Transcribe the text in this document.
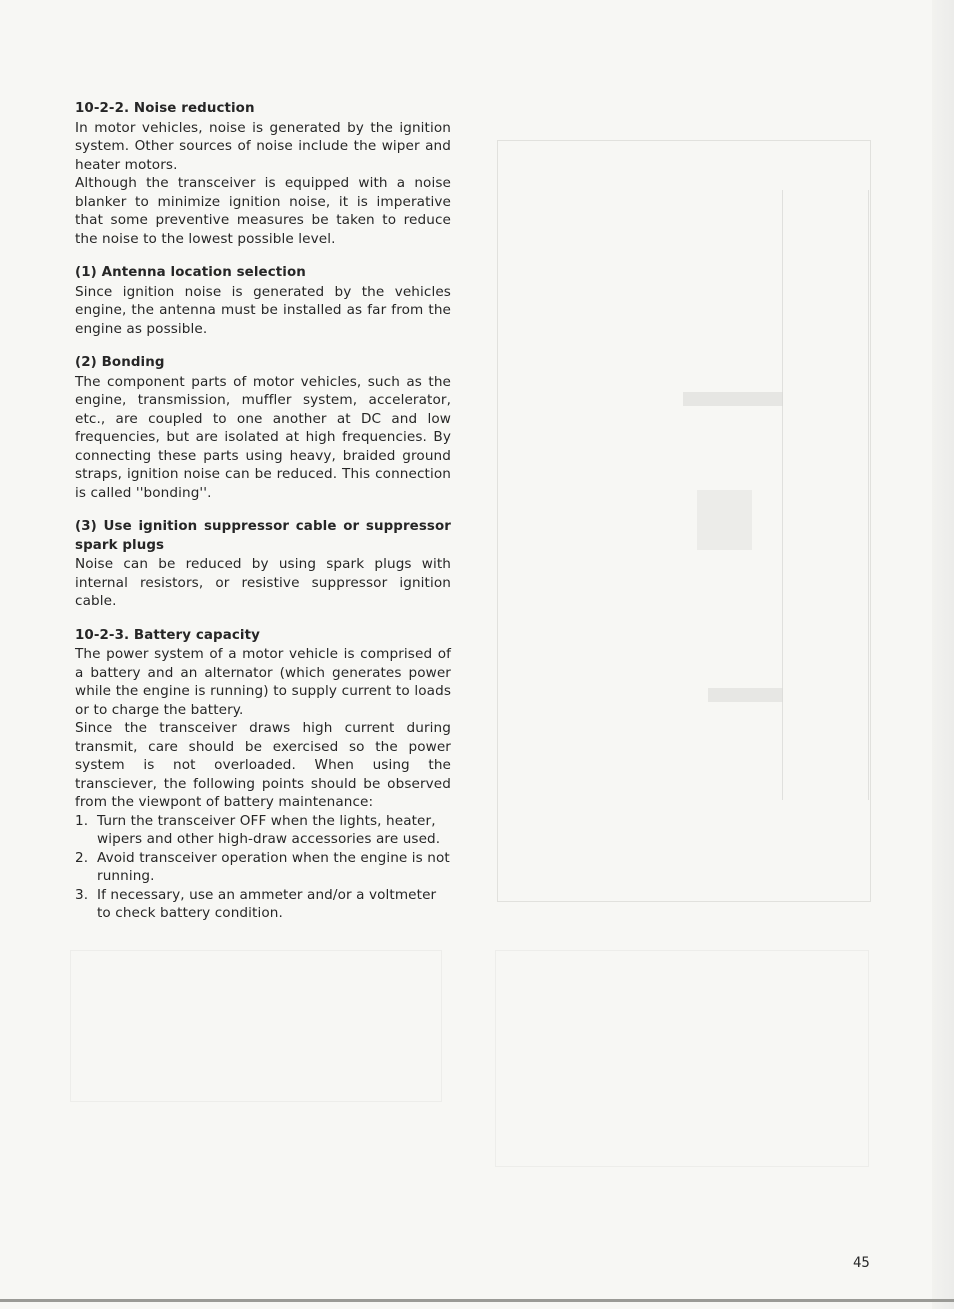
10-2-2. Noise reduction

In motor vehicles, noise is generated by the ignition system. Other sources of noise include the wiper and heater motors.

Although the transceiver is equipped with a noise blanker to minimize ignition noise, it is imperative that some preventive measures be taken to reduce the noise to the lowest possible level.

(1) Antenna location selection

Since ignition noise is generated by the vehicles engine, the antenna must be installed as far from the engine as possible.

(2) Bonding

The component parts of motor vehicles, such as the engine, transmission, muffler system, accelerator, etc., are coupled to one another at DC and low frequencies, but are isolated at high frequencies. By connecting these parts using heavy, braided ground straps, ignition noise can be reduced. This connection is called ''bonding''.

(3) Use ignition suppressor cable or suppressor spark plugs

Noise can be reduced by using spark plugs with internal resistors, or resistive suppressor ignition cable.

10-2-3. Battery capacity

The power system of a motor vehicle is comprised of a battery and an alternator (which generates power while the engine is running) to supply current to loads or to charge the battery.

Since the transceiver draws high current during transmit, care should be exercised so the power system is not overloaded. When using the transciever, the following points should be observed from the viewpont of battery maintenance:

1. Turn the transceiver OFF when the lights, heater, wipers and other high-draw accessories are used.
2. Avoid transceiver operation when the engine is not running.
3. If necessary, use an ammeter and/or a voltmeter to check battery condition.
45
